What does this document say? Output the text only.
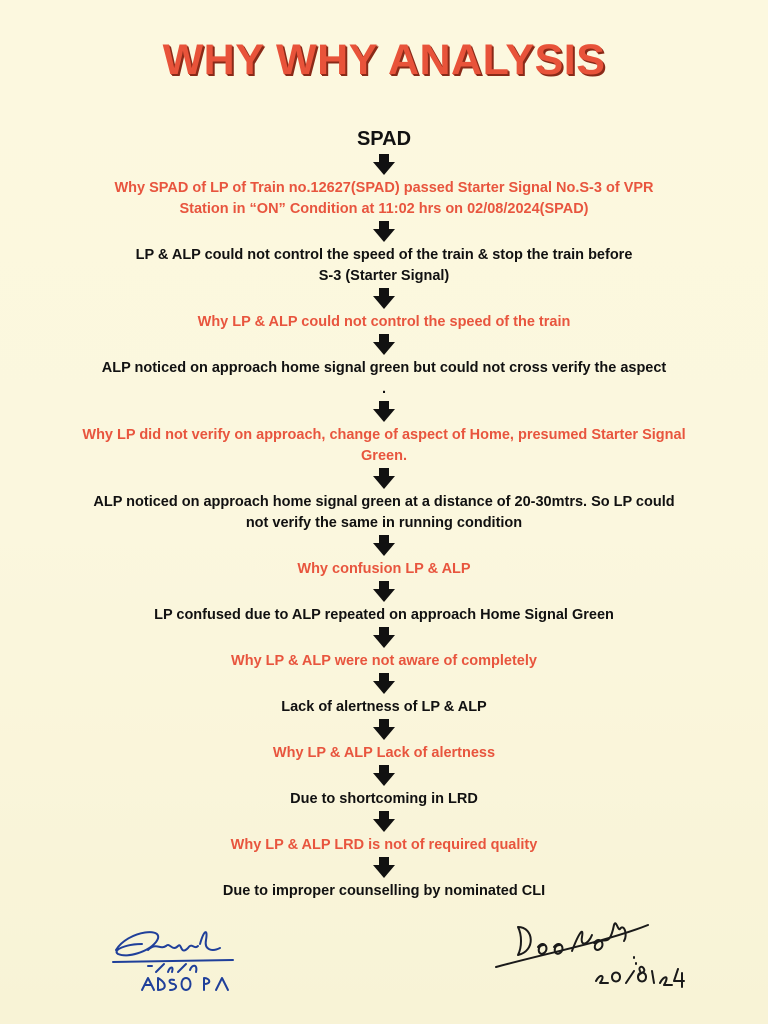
WHY WHY ANALYSIS
SPAD
Why SPAD of LP of Train no.12627(SPAD) passed Starter Signal No.S-3 of VPR Station in “ON” Condition at 11:02 hrs on 02/08/2024(SPAD)
LP & ALP could not control the speed of the train & stop the train before S-3 (Starter Signal)
Why LP & ALP could not control the speed of the train
ALP noticed on approach home signal green but could not cross verify the aspect .
Why LP did not verify on approach, change of aspect of Home, presumed Starter Signal Green.
ALP noticed on approach home signal green at a distance of 20-30mtrs. So LP could not verify the same in running condition
Why confusion LP & ALP
LP confused due to ALP repeated on approach Home Signal Green
Why LP & ALP were not aware of completely
Lack of alertness of LP & ALP
Why LP & ALP Lack of alertness
Due to shortcoming in LRD
Why LP & ALP LRD is not of required quality
Due to improper counselling by nominated CLI
